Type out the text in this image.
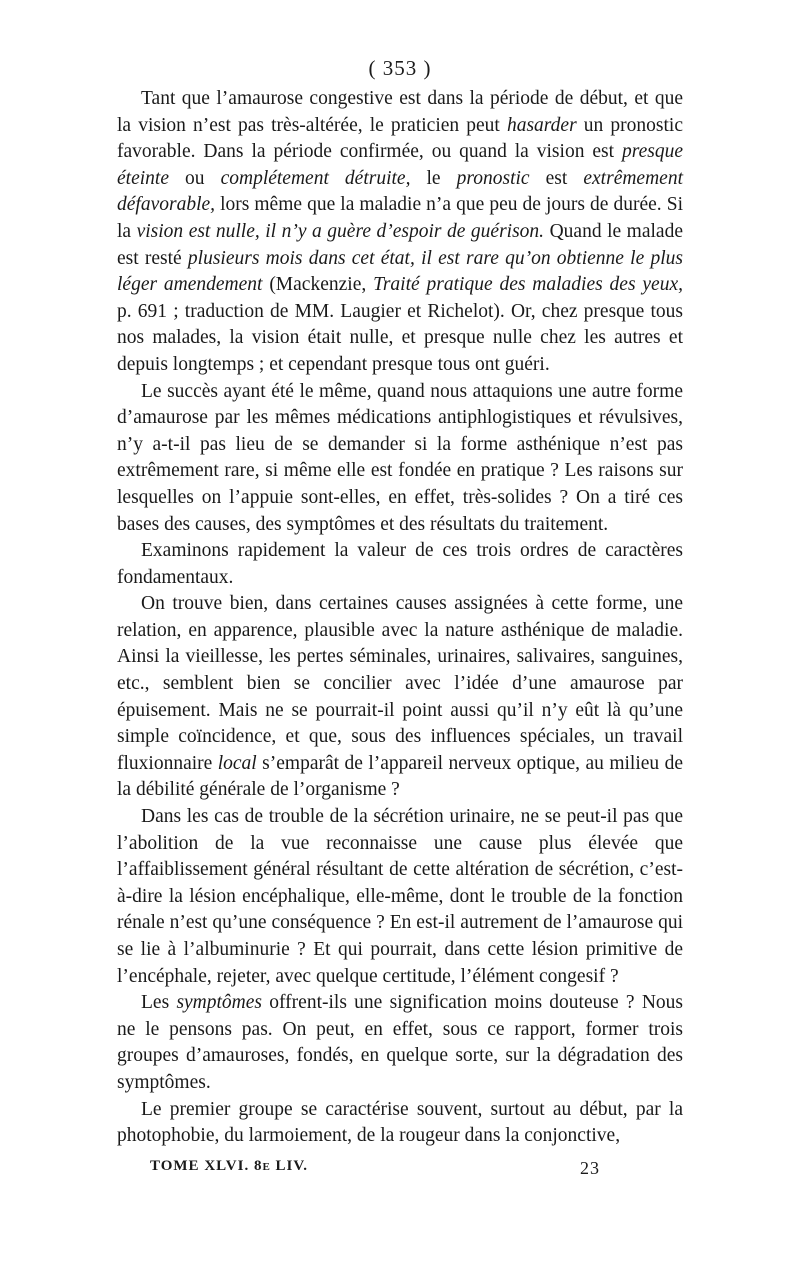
( 353 )

Tant que l’amaurose congestive est dans la période de début, et que la vision n’est pas très-altérée, le praticien peut hasarder un pronostic favorable. Dans la période confirmée, ou quand la vision est presque éteinte ou complétement détruite, le pronostic est extrêmement défavorable, lors même que la maladie n’a que peu de jours de durée. Si la vision est nulle, il n’y a guère d’espoir de guérison. Quand le malade est resté plusieurs mois dans cet état, il est rare qu’on obtienne le plus léger amendement (Mackenzie, Traité pratique des maladies des yeux, p. 691 ; traduction de MM. Laugier et Richelot). Or, chez presque tous nos malades, la vision était nulle, et presque nulle chez les autres et depuis longtemps ; et cependant presque tous ont guéri.

Le succès ayant été le même, quand nous attaquions une autre forme d’amaurose par les mêmes médications antiphlogistiques et révulsives, n’y a-t-il pas lieu de se demander si la forme asthénique n’est pas extrêmement rare, si même elle est fondée en pratique ? Les raisons sur lesquelles on l’appuie sont-elles, en effet, très-solides ? On a tiré ces bases des causes, des symptômes et des résultats du traitement.

Examinons rapidement la valeur de ces trois ordres de caractères fondamentaux.

On trouve bien, dans certaines causes assignées à cette forme, une relation, en apparence, plausible avec la nature asthénique de maladie. Ainsi la vieillesse, les pertes séminales, urinaires, salivaires, sanguines, etc., semblent bien se concilier avec l’idée d’une amaurose par épuisement. Mais ne se pourrait-il point aussi qu’il n’y eût là qu’une simple coïncidence, et que, sous des influences spéciales, un travail fluxionnaire local s’emparât de l’appareil nerveux optique, au milieu de la débilité générale de l’organisme ?

Dans les cas de trouble de la sécrétion urinaire, ne se peut-il pas que l’abolition de la vue reconnaisse une cause plus élevée que l’affaiblissement général résultant de cette altération de sécrétion, c’est-à-dire la lésion encéphalique, elle-même, dont le trouble de la fonction rénale n’est qu’une conséquence ? En est-il autrement de l’amaurose qui se lie à l’albuminurie ? Et qui pourrait, dans cette lésion primitive de l’encéphale, rejeter, avec quelque certitude, l’élément congesif ?

Les symptômes offrent-ils une signification moins douteuse ? Nous ne le pensons pas. On peut, en effet, sous ce rapport, former trois groupes d’amauroses, fondés, en quelque sorte, sur la dégradation des symptômes.

Le premier groupe se caractérise souvent, surtout au début, par la photophobie, du larmoiement, de la rougeur dans la conjonctive,

TOME XLVI. 8e LIV.	23
